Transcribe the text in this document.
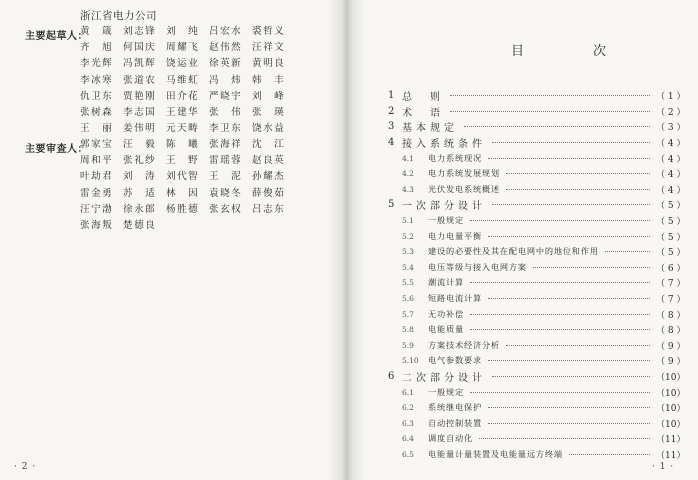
浙江省电力公司
主要起草人：
黄　箴	刘志锋	刘　纯	吕宏水	裘哲义
齐　旭	何国庆	周耀飞	赵伟然	汪祥文
李光辉	冯凯辉	饶运业	徐英新	黄明良
李冰寒	张道农	马维虹	冯　炜	韩　丰
仇卫东	贾艳刚	田介花	严晓宇	刘　峰
张树森	李志国	王建华	张　伟	张　瑛
王　丽	姜伟明	元天畴	李卫东	饶水益
主要审查人：
郭家宝	汪　毅	陈　曦	张海祥	沈　江
周和平	张礼纱	王　野	雷瑶蓉	赵良英
叶劫君	刘　涛	刘代智	王　泥	孙耀杰
雷金勇	苏　适	林　因	袁晓冬	薛俊茹
汪宁渤	徐永郎	杨胜德	张玄权	吕志东
张海叛	楚德良
· 2 ·
目　次
1 总　则	（ 1 ）
2 术　语	（ 2 ）
3 基本规定	（ 3 ）
4 接入系统条件	（ 4 ）
4.1	电力系统现况	（ 4 ）
4.2	电力系统发展规划	（ 4 ）
4.3	光伏发电系统概述	（ 4 ）
5 一次部分设计	（ 5 ）
5.1	一般规定	（ 5 ）
5.2	电力电量平衡	（ 5 ）
5.3	建设的必要性及其在配电网中的地位和作用	（ 5 ）
5.4	电压等级与接入电网方案	（ 6 ）
5.5	潮流计算	（ 7 ）
5.6	短路电流计算	（ 7 ）
5.7	无功补偿	（ 8 ）
5.8	电能质量	（ 8 ）
5.9	方案技术经济分析	（ 9 ）
5.10	电气参数要求	（ 9 ）
6 二次部分设计	（10）
6.1	一般规定	（10）
6.2	系统继电保护	（10）
6.3	自动控制装置	（10）
6.4	调度自动化	（11）
6.5	电能量计量装置及电能量远方终端	（11）
· 1 ·
